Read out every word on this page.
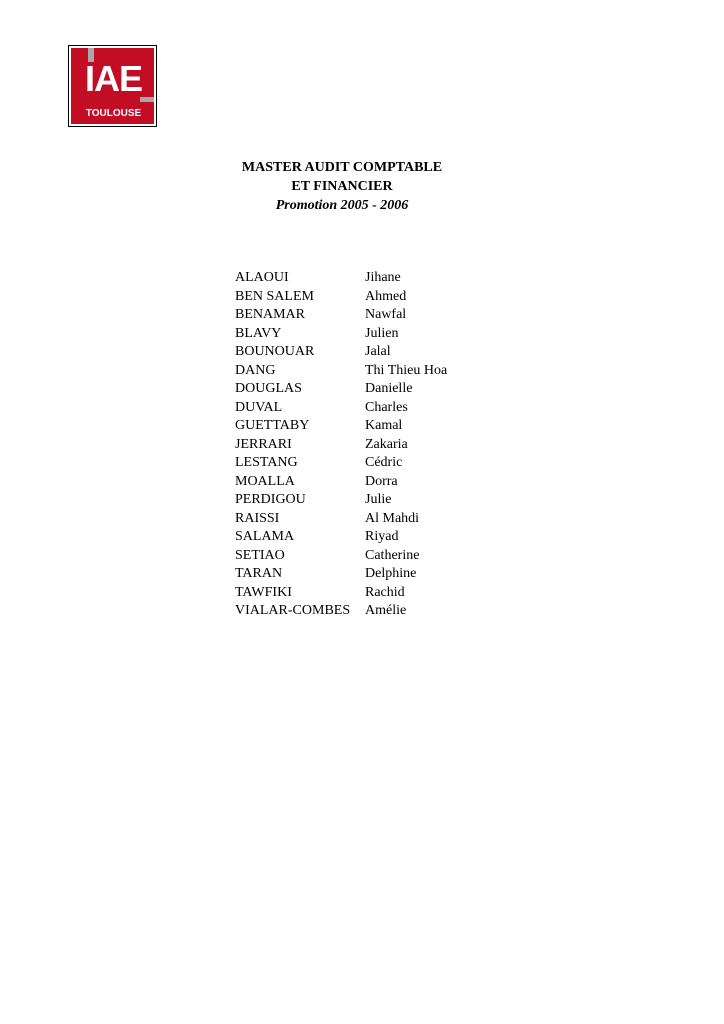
IAE
TOULOUSE
MASTER AUDIT COMPTABLE
ET FINANCIER
Promotion 2005 - 2006
ALAOUI	Jihane
BEN SALEM	Ahmed
BENAMAR	Nawfal
BLAVY	Julien
BOUNOUAR	Jalal
DANG	Thi Thieu Hoa
DOUGLAS	Danielle
DUVAL	Charles
GUETTABY	Kamal
JERRARI	Zakaria
LESTANG	Cédric
MOALLA	Dorra
PERDIGOU	Julie
RAISSI	Al Mahdi
SALAMA	Riyad
SETIAO	Catherine
TARAN	Delphine
TAWFIKI	Rachid
VIALAR-COMBES	Amélie
